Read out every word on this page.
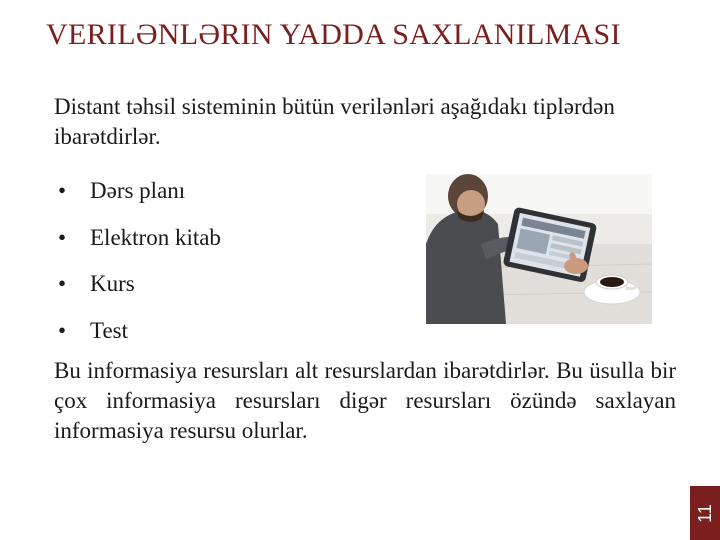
VERILƏNLƏRIN YADDA SAXLANILMASI
Distant təhsil sisteminin bütün verilənləri aşağıdakı tiplərdən ibarətdirlər.
•	Dərs planı
•	Elektron kitab
•	Kurs
•	Test
Bu informasiya resursları alt resurslardan ibarətdirlər. Bu üsulla bir çox informasiya resursları digər resursları özündə saxlayan informasiya resursu olurlar.
11
